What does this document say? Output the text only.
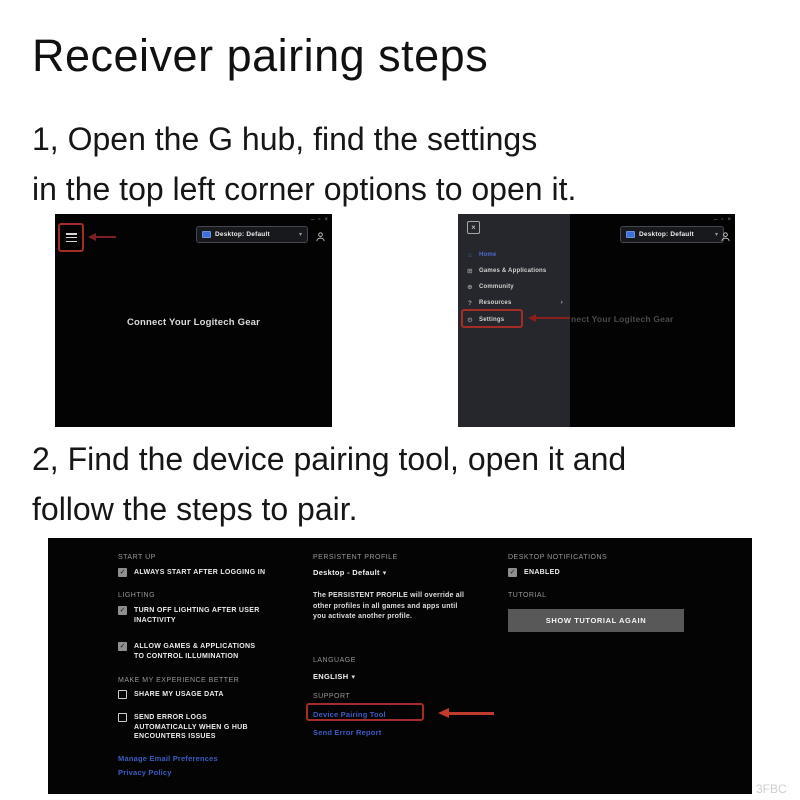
Receiver pairing steps
1, Open the G hub, find the settings
in the top left corner options to open it.
– ▫ ×
Desktop: Default	▾
Connect Your Logitech Gear
– ▫ ×
Desktop: Default	▾
nect Your Logitech Gear
×
⌂	Home
⊞ Games & Applications
⊕ Community
?	Resources	›
⚙ Settings
2, Find the device pairing tool, open it and
follow the steps to pair.
START UP
✓ ALWAYS START AFTER LOGGING IN
LIGHTING
✓ TURN OFF LIGHTING AFTER USER INACTIVITY
✓ ALLOW GAMES & APPLICATIONS TO CONTROL ILLUMINATION
MAKE MY EXPERIENCE BETTER
SHARE MY USAGE DATA
SEND ERROR LOGS AUTOMATICALLY WHEN G HUB ENCOUNTERS ISSUES
Manage Email Preferences
Privacy Policy
PERSISTENT PROFILE
Desktop - Default ▾
The PERSISTENT PROFILE will override all other profiles in all games and apps until you activate another profile.
LANGUAGE
ENGLISH ▾
SUPPORT
Device Pairing Tool
Send Error Report
DESKTOP NOTIFICATIONS
✓ ENABLED
TUTORIAL
SHOW TUTORIAL AGAIN
3FBC
